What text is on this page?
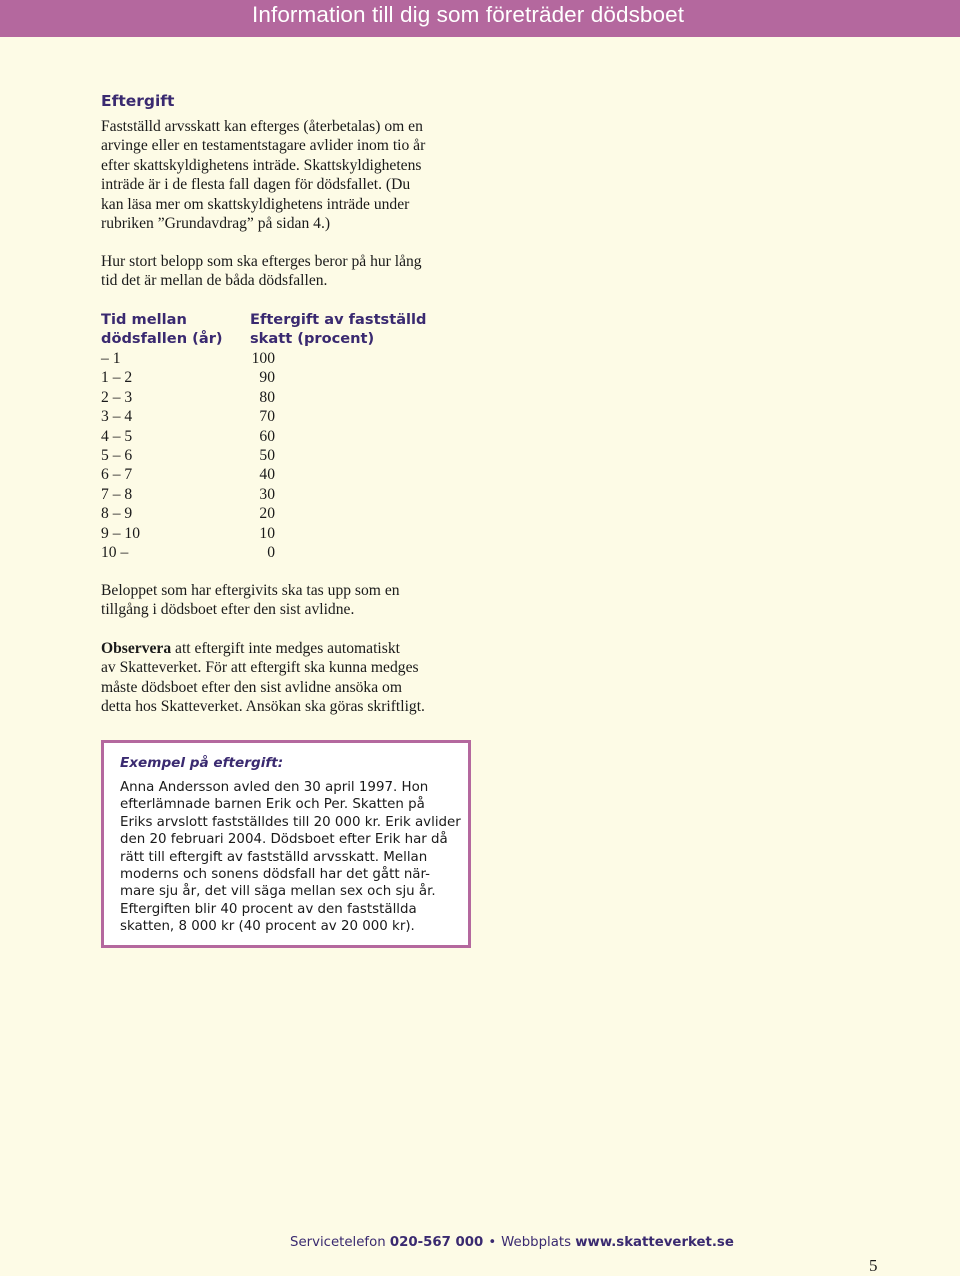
Information till dig som företräder dödsboet
Eftergift

Fastställd arvsskatt kan efterges (återbetalas) om en
arvinge eller en testamentstagare avlider inom tio år
efter skattskyldighetens inträde. Skattskyldighetens
inträde är i de flesta fall dagen för dödsfallet. (Du
kan läsa mer om skattskyldighetens inträde under
rubriken ”Grundavdrag” på sidan 4.)

Hur stort belopp som ska efterges beror på hur lång
tid det är mellan de båda dödsfallen.

Tid mellan
dödsfallen (år)
Eftergift av fastställd
skatt (procent)
– 1	100
1 – 2	90
2 – 3	80
3 – 4	70
4 – 5	60
5 – 6	50
6 – 7	40
7 – 8	30
8 – 9	20
9 – 10	10
10 –	0

Beloppet som har eftergivits ska tas upp som en
tillgång i dödsboet efter den sist avlidne.

Observera att eftergift inte medges automatiskt
av Skatteverket. För att eftergift ska kunna medges
måste dödsboet efter den sist avlidne ansöka om
detta hos Skatteverket. Ansökan ska göras skriftligt.

Exempel på eftergift:
Anna Andersson avled den 30 april 1997. Hon
efterlämnade barnen Erik och Per. Skatten på
Eriks arvslott fastställdes till 20 000 kr. Erik avlider
den 20 februari 2004. Dödsboet efter Erik har då
rätt till eftergift av fastställd arvsskatt. Mellan
moderns och sonens dödsfall har det gått när-
mare sju år, det vill säga mellan sex och sju år.
Eftergiften blir 40 procent av den fastställda
skatten, 8 000 kr (40 procent av 20 000 kr).
Servicetelefon 020-567 000 • Webbplats www.skatteverket.se
5
